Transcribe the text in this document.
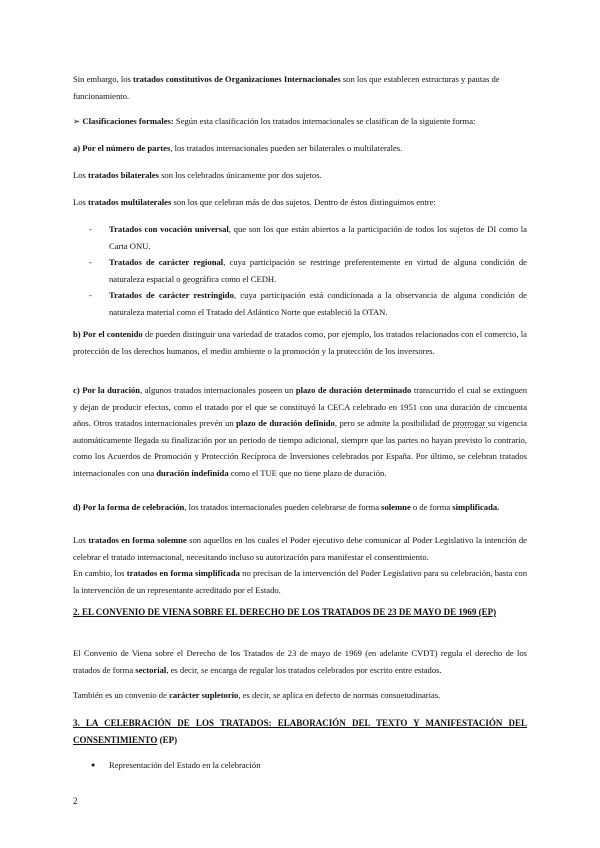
Sin embargo, los tratados constitutivos de Organizaciones Internacionales son los que establecen estructuras y pautas de funcionamiento.
➢ Clasificaciones formales: Según esta clasificación los tratados internacionales se clasifican de la siguiente forma:
a) Por el número de partes, los tratados internacionales pueden ser bilaterales o multilaterales.
Los tratados bilaterales son los celebrados únicamente por dos sujetos.
Los tratados multilaterales son los que celebran más de dos sujetos. Dentro de éstos distinguimos entre:
- Tratados con vocación universal, que son los que están abiertos a la participación de todos los sujetos de DI como la Carta ONU.
- Tratados de carácter regional, cuya participación se restringe preferentemente en virtud de alguna condición de naturaleza espacial o geográfica como el CEDH.
- Tratados de carácter restringido, cuya participación está condicionada a la observancia de alguna condición de naturaleza material como el Tratado del Atlántico Norte que estableció la OTAN.
b) Por el contenido de pueden distinguir una variedad de tratados como, por ejemplo, los tratados relacionados con el comercio, la protección de los derechos humanos, el medio ambiente o la promoción y la protección de los inversores.
c) Por la duración, algunos tratados internacionales poseen un plazo de duración determinado transcurrido el cual se extinguen y dejan de producir efectos, como el tratado por el que se constituyó la CECA celebrado en 1951 con una duración de cincuenta años. Otros tratados internacionales prevén un plazo de duración definido, pero se admite la posibilidad de prorrogar su vigencia automáticamente llegada su finalización por un periodo de tiempo adicional, siempre que las partes no hayan previsto lo contrario, como los Acuerdos de Promoción y Protección Recíproca de Inversiones celebrados por España. Por último, se celebran tratados internacionales con una duración indefinida como el TUE que no tiene plazo de duración.
d) Por la forma de celebración, los tratados internacionales pueden celebrarse de forma solemne o de forma simplificada.
Los tratados en forma solemne son aquellos en los cuales el Poder ejecutivo debe comunicar al Poder Legislativo la intención de celebrar el tratado internacional, necesitando incluso su autorización para manifestar el consentimiento.
En cambio, los tratados en forma simplificada no precisan de la intervención del Poder Legislativo para su celebración, basta con la intervención de un representante acreditado por el Estado.
2. EL CONVENIO DE VIENA SOBRE EL DERECHO DE LOS TRATADOS DE 23 DE MAYO DE 1969 (EP)
El Convenio de Viena sobre el Derecho de los Tratados de 23 de mayo de 1969 (en adelante CVDT) regula el derecho de los tratados de forma sectorial, es decir, se encarga de regular los tratados celebrados por escrito entre estados.
También es un convenio de carácter supletorio, es decir, se aplica en defecto de normas consuetudinarias.
3. LA CELEBRACIÓN DE LOS TRATADOS: ELABORACIÓN DEL TEXTO Y MANIFESTACIÓN DEL CONSENTIMIENTO (EP)
● Representación del Estado en la celebración
2
